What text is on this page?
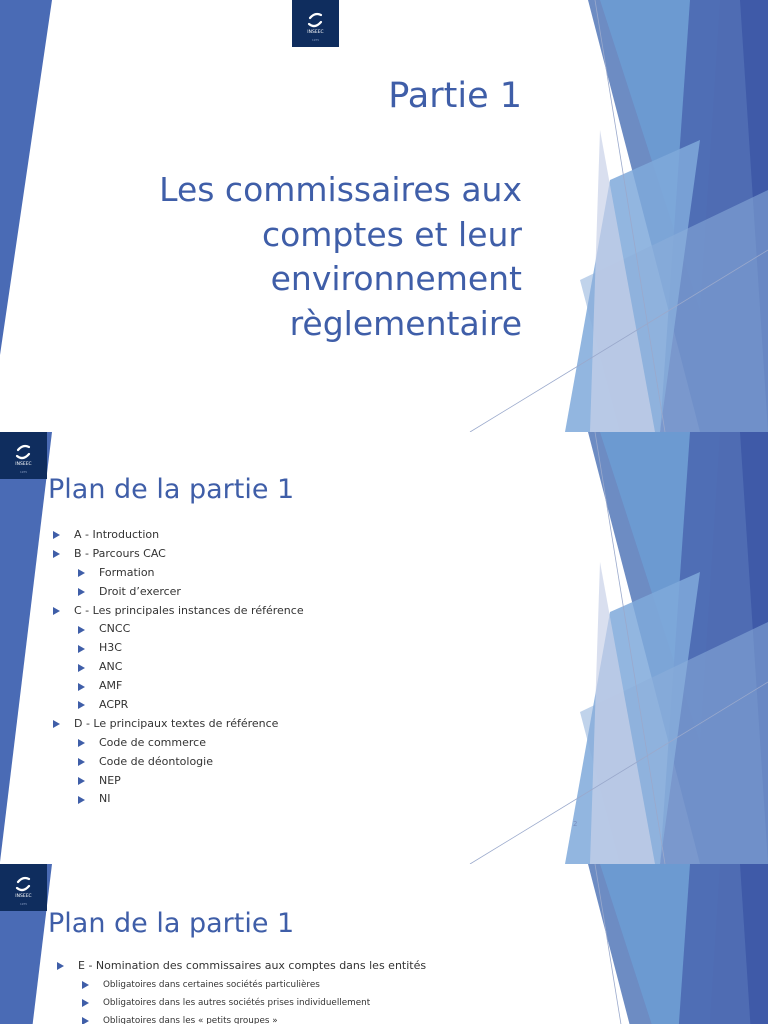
INSEEC
1975
Partie 1
Les commissaires aux
comptes et leur
environnement
règlementaire
INSEEC
1975
Plan de la partie 1
A - Introduction
B - Parcours CAC
Formation
Droit d’exercer
C - Les principales instances de référence
CNCC
H3C
ANC
AMF
ACPR
D - Le principaux textes de référence
Code de commerce
Code de déontologie
NEP
NI
2
INSEEC
1975
Plan de la partie 1
E - Nomination des commissaires aux comptes dans les entités
Obligatoires dans certaines sociétés particulières
Obligatoires dans les autres sociétés prises individuellement
Obligatoires dans les « petits groupes »
